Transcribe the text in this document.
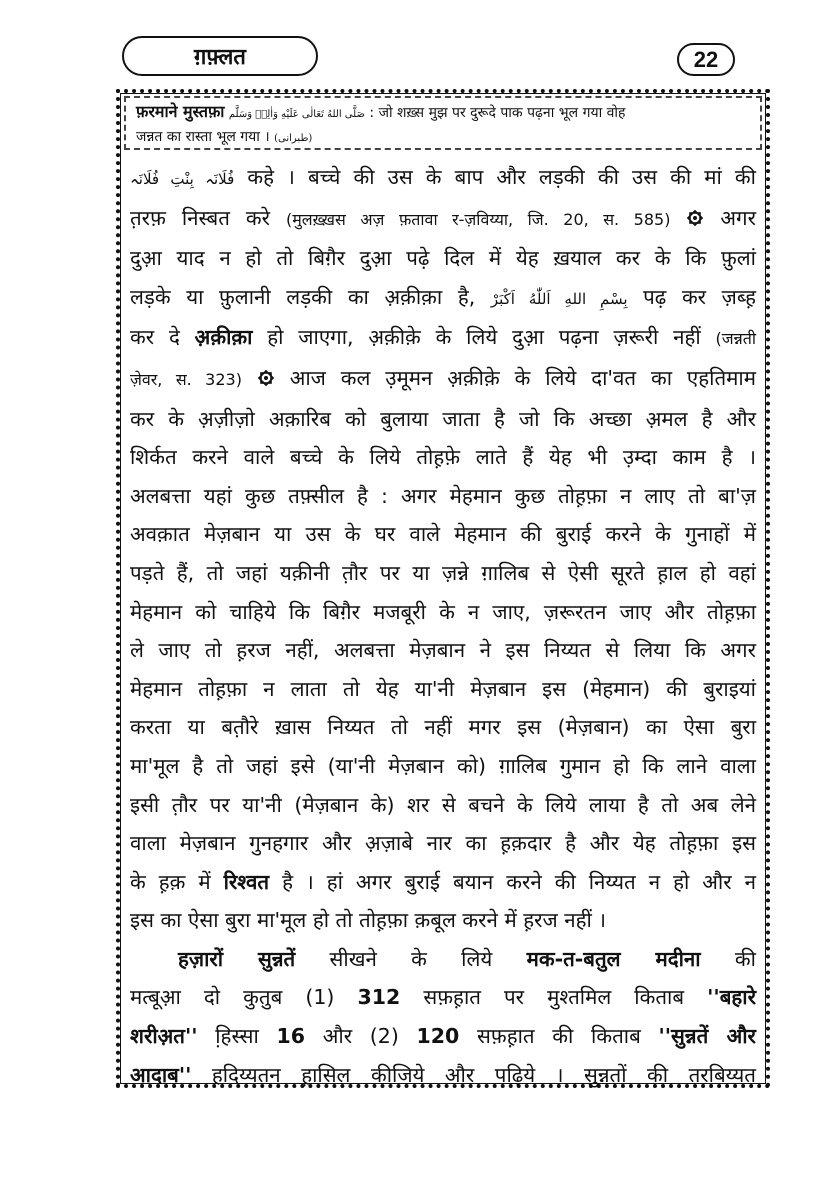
ग़फ़्लत	22
फ़रमाने मुस्तफ़ा صَلَّى اللهُ تَعَالٰى عَلَيْهِ وَاٰلِهٖ وَسَلَّم : जो शख़्स मुझ पर दुरूदे पाक पढ़ना भूल गया वोह
जन्नत का रास्ता भूल गया । (طبرانی)
فُلَانَہ بِنْتِ فُلَانَہ कहे । बच्चे की उस के बाप और लड़की की उस की मां की
त़रफ़ निस्बत करे (मुलख़्ख़स अज़ फ़तावा र-ज़विय्या, जि. 20, स. 585) अगर
दुआ़ याद न हो तो बिग़ैर दुआ़ पढ़े दिल में येह ख़याल कर के कि फ़ुलां
लड़के या फ़ुलानी लड़की का अ़क़ीक़ा है, بِسْمِ اللهِ اَللّٰهُ اَكْبَرْ पढ़ कर ज़ब्ह़
कर दे अ़क़ीक़ा हो जाएगा, अ़क़ीक़े के लिये दुआ़ पढ़ना ज़रूरी नहीं (जन्नती
ज़ेवर, स. 323) आज कल उ़मूमन अ़क़ीक़े के लिये दा'वत का एहतिमाम
कर के अ़ज़ीज़ो अक़ारिब को बुलाया जाता है जो कि अच्छा अ़मल है और
शिर्कत करने वाले बच्चे के लिये तोह़फ़े लाते हैं येह भी उ़म्दा काम है ।
अलबत्ता यहां कुछ तफ़्सील है : अगर मेहमान कुछ तोह़फ़ा न लाए तो बा'ज़
अवक़ात मेज़बान या उस के घर वाले मेहमान की बुराई करने के गुनाहों में
पड़ते हैं, तो जहां यक़ीनी त़ौर पर या ज़न्ने ग़ालिब से ऐसी सूरते ह़ाल हो वहां
मेहमान को चाहिये कि बिग़ैर मजबूरी के न जाए, ज़रूरतन जाए और तोह़फ़ा
ले जाए तो ह़रज नहीं, अलबत्ता मेज़बान ने इस निय्यत से लिया कि अगर
मेहमान तोह़फ़ा न लाता तो येह या'नी मेज़बान इस (मेहमान) की बुराइयां
करता या बत़ौरे ख़ास निय्यत तो नहीं मगर इस (मेज़बान) का ऐसा बुरा
मा'मूल है तो जहां इसे (या'नी मेज़बान को) ग़ालिब गुमान हो कि लाने वाला
इसी त़ौर पर या'नी (मेज़बान के) शर से बचने के लिये लाया है तो अब लेने
वाला मेज़बान गुनहगार और अ़ज़ाबे नार का ह़क़दार है और येह तोह़फ़ा इस
के ह़क़ में रिश्वत है । हां अगर बुराई बयान करने की निय्यत न हो और न
इस का ऐसा बुरा मा'मूल हो तो तोह़फ़ा क़बूल करने में ह़रज नहीं ।
हज़ारों सुन्नतें सीखने के लिये मक-त-बतुल मदीना की
मत्बूआ़ दो कुतुब (1) 312 सफ़ह़ात पर मुश्तमिल किताब ''बहारे
शरीअ़त'' हि़स्सा 16 और (2) 120 सफ़ह़ात की किताब ''सुन्नतें और
आदाब'' हदिय्यतन ह़ासिल कीजिये और पढ़िये । सुन्नतों की तरबिय्यत
